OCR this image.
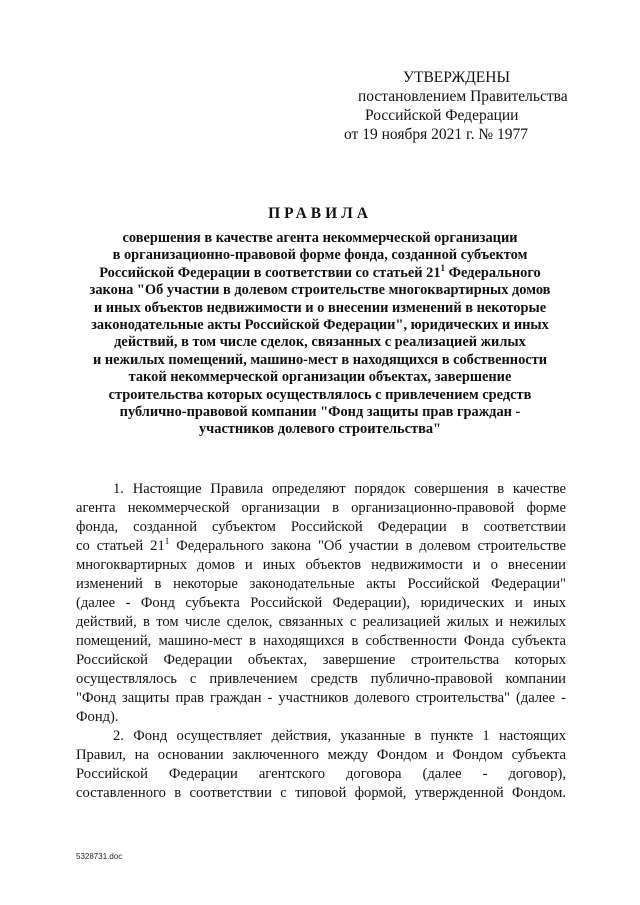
УТВЕРЖДЕНЫ
постановлением Правительства
Российской Федерации
от 19 ноября 2021 г. № 1977
ПРАВИЛА
совершения в качестве агента некоммерческой организации
в организационно-правовой форме фонда, созданной субъектом
Российской Федерации в соответствии со статьей $21^1$ Федерального
закона "Об участии в долевом строительстве многоквартирных домов
и иных объектов недвижимости и о внесении изменений в некоторые
законодательные акты Российской Федерации", юридических и иных
действий, в том числе сделок, связанных с реализацией жилых
и нежилых помещений, машино-мест в находящихся в собственности
такой некоммерческой организации объектах, завершение
строительства которых осуществлялось с привлечением средств
публично-правовой компании "Фонд защиты прав граждан -
участников долевого строительства"
1. Настоящие Правила определяют порядок совершения в качестве
агента некоммерческой организации в организационно-правовой форме
фонда, созданной субъектом Российской Федерации в соответствии
со статьей $21^1$ Федерального закона "Об участии в долевом строительстве
многоквартирных домов и иных объектов недвижимости и о внесении
изменений в некоторые законодательные акты Российской Федерации"
(далее - Фонд субъекта Российской Федерации), юридических и иных
действий, в том числе сделок, связанных с реализацией жилых и нежилых
помещений, машино-мест в находящихся в собственности Фонда субъекта
Российской Федерации объектах, завершение строительства которых
осуществлялось с привлечением средств публично-правовой компании
"Фонд защиты прав граждан - участников долевого строительства" (далее -
Фонд).
2. Фонд осуществляет действия, указанные в пункте 1 настоящих
Правил, на основании заключенного между Фондом и Фондом субъекта
Российской Федерации агентского договора (далее - договор),
составленного в соответствии с типовой формой, утвержденной Фондом.
5328731.doc
